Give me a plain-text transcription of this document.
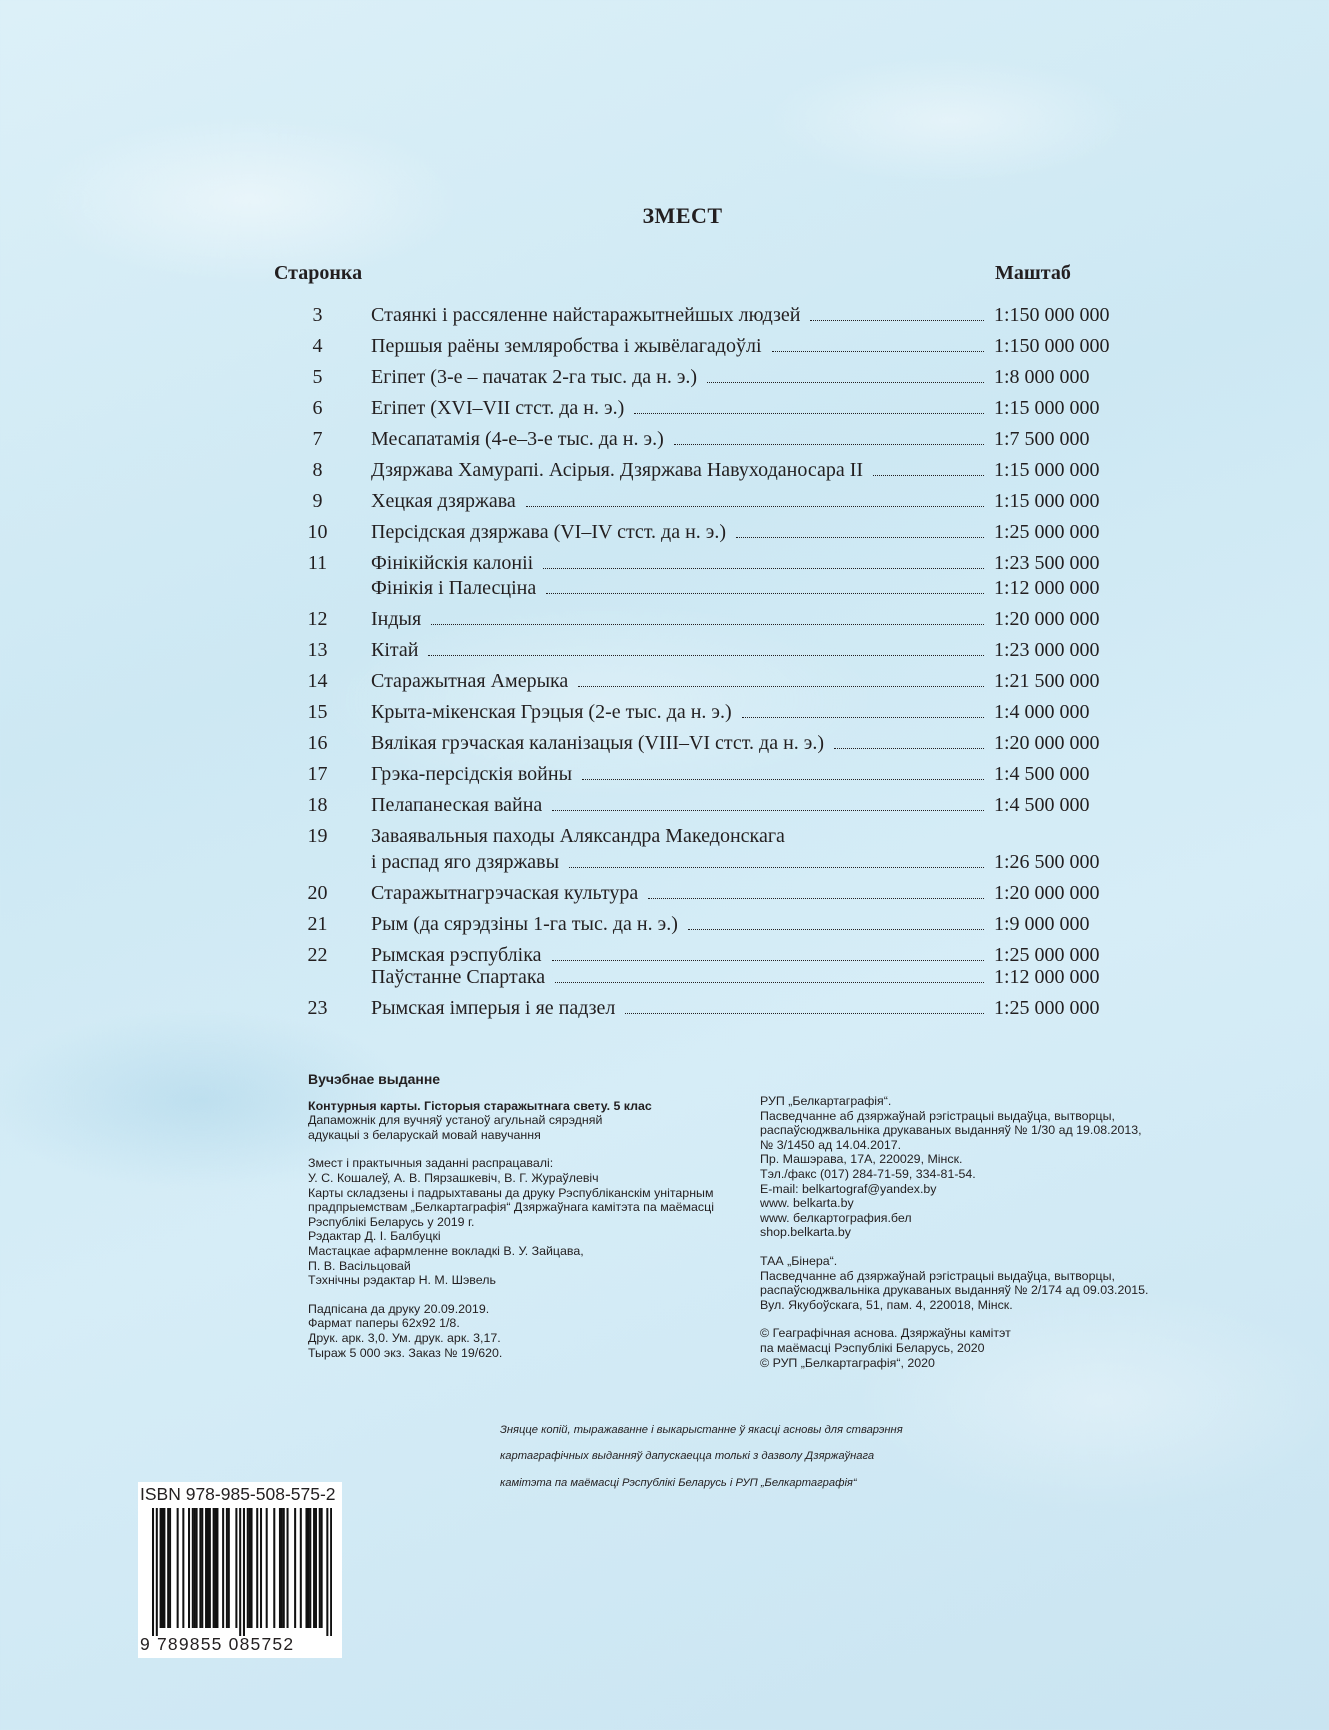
ЗМЕСТ
Старонка	Маштаб
3	Стаянкі і рассяленне найстаражытнейшых людзей	1:150 000 000
4	Першыя раёны земляробства і жывёлагадоўлі	1:150 000 000
5	Егіпет (3-е – пачатак 2-га тыс. да н. э.)	1:8 000 000
6	Егіпет (XVI–VII стст. да н. э.)	1:15 000 000
7	Месапатамія (4-е–3-е тыс. да н. э.)	1:7 500 000
8	Дзяржава Хамурапі. Асірыя. Дзяржава Навуходаносара II	1:15 000 000
9	Хецкая дзяржава	1:15 000 000
10	Персідская дзяржава (VI–IV стст. да н. э.)	1:25 000 000
11	Фінікійскія калоніі	1:23 500 000
Фінікія і Палесціна	1:12 000 000
12	Індыя	1:20 000 000
13	Кітай	1:23 000 000
14	Старажытная Амерыка	1:21 500 000
15	Крыта-мікенская Грэцыя (2-е тыс. да н. э.)	1:4 000 000
16	Вялікая грэчаская каланізацыя (VIII–VI стст. да н. э.)	1:20 000 000
17	Грэка-персідскія войны	1:4 500 000
18	Пелапанеская вайна	1:4 500 000
19	Заваявальныя паходы Аляксандра Македонскага
і распад яго дзяржавы	1:26 500 000
20	Старажытнагрэчаская культура	1:20 000 000
21	Рым (да сярэдзіны 1-га тыс. да н. э.)	1:9 000 000
22	Рымская рэспубліка	1:25 000 000
Паўстанне Спартака	1:12 000 000
23	Рымская імперыя і яе падзел	1:25 000 000

Вучэбнае выданне

Контурныя карты. Гісторыя старажытнага свету. 5 клас

Дапаможнік для вучняў устаноў агульнай сярэдняй

адукацыі з беларускай мовай навучання

Змест і практычныя заданні распрацавалі:

У. С. Кошалеў, А. В. Пярзашкевіч, В. Г. Жураўлевіч

Карты складзены і падрыхтаваны да друку Рэспубліканскім унітарным

прадпрыемствам „Белкартаграфія“ Дзяржаўнага камітэта па маёмасці

Рэспублікі Беларусь у 2019 г.

Рэдактар Д. І. Балбуцкі

Мастацкае афармленне вокладкі В. У. Зайцава,

П. В. Васільцовай

Тэхнічны рэдактар Н. М. Шэвель

Падпісана да друку 20.09.2019.

Фармат паперы 62x92 1/8.

Друк. арк. 3,0. Ум. друк. арк. 3,17.

Тыраж 5 000 экз. Заказ № 19/620.

РУП „Белкартаграфія“.

Пасведчанне аб дзяржаўнай рэгістрацыі выдаўца, вытворцы,

распаўсюджвальніка друкаваных выданняў № 1/30 ад 19.08.2013,

№ 3/1450 ад 14.04.2017.

Пр. Машэрава, 17А, 220029, Мінск.

Тэл./факс (017) 284-71-59, 334-81-54.

E-mail: belkartograf@yandex.by

www. belkarta.by

www. белкартография.бел

shop.belkarta.by

ТАА „Бінера“.

Пасведчанне аб дзяржаўнай рэгістрацыі выдаўца, вытворцы,

распаўсюджвальніка друкаваных выданняў № 2/174 ад 09.03.2015.

Вул. Якубоўскага, 51, пам. 4, 220018, Мінск.

© Геаграфічная аснова. Дзяржаўны камітэт

па маёмасці Рэспублікі Беларусь, 2020

© РУП „Белкартаграфія“, 2020

Зняцце копій, тыражаванне і выкарыстанне ў якасці асновы для стварэння

картаграфічных выданняў дапускаецца толькі з дазволу Дзяржаўнага

камітэта па маёмасці Рэспублікі Беларусь і РУП „Белкартаграфія“

ISBN 978-985-508-575-2
9 789855 085752
